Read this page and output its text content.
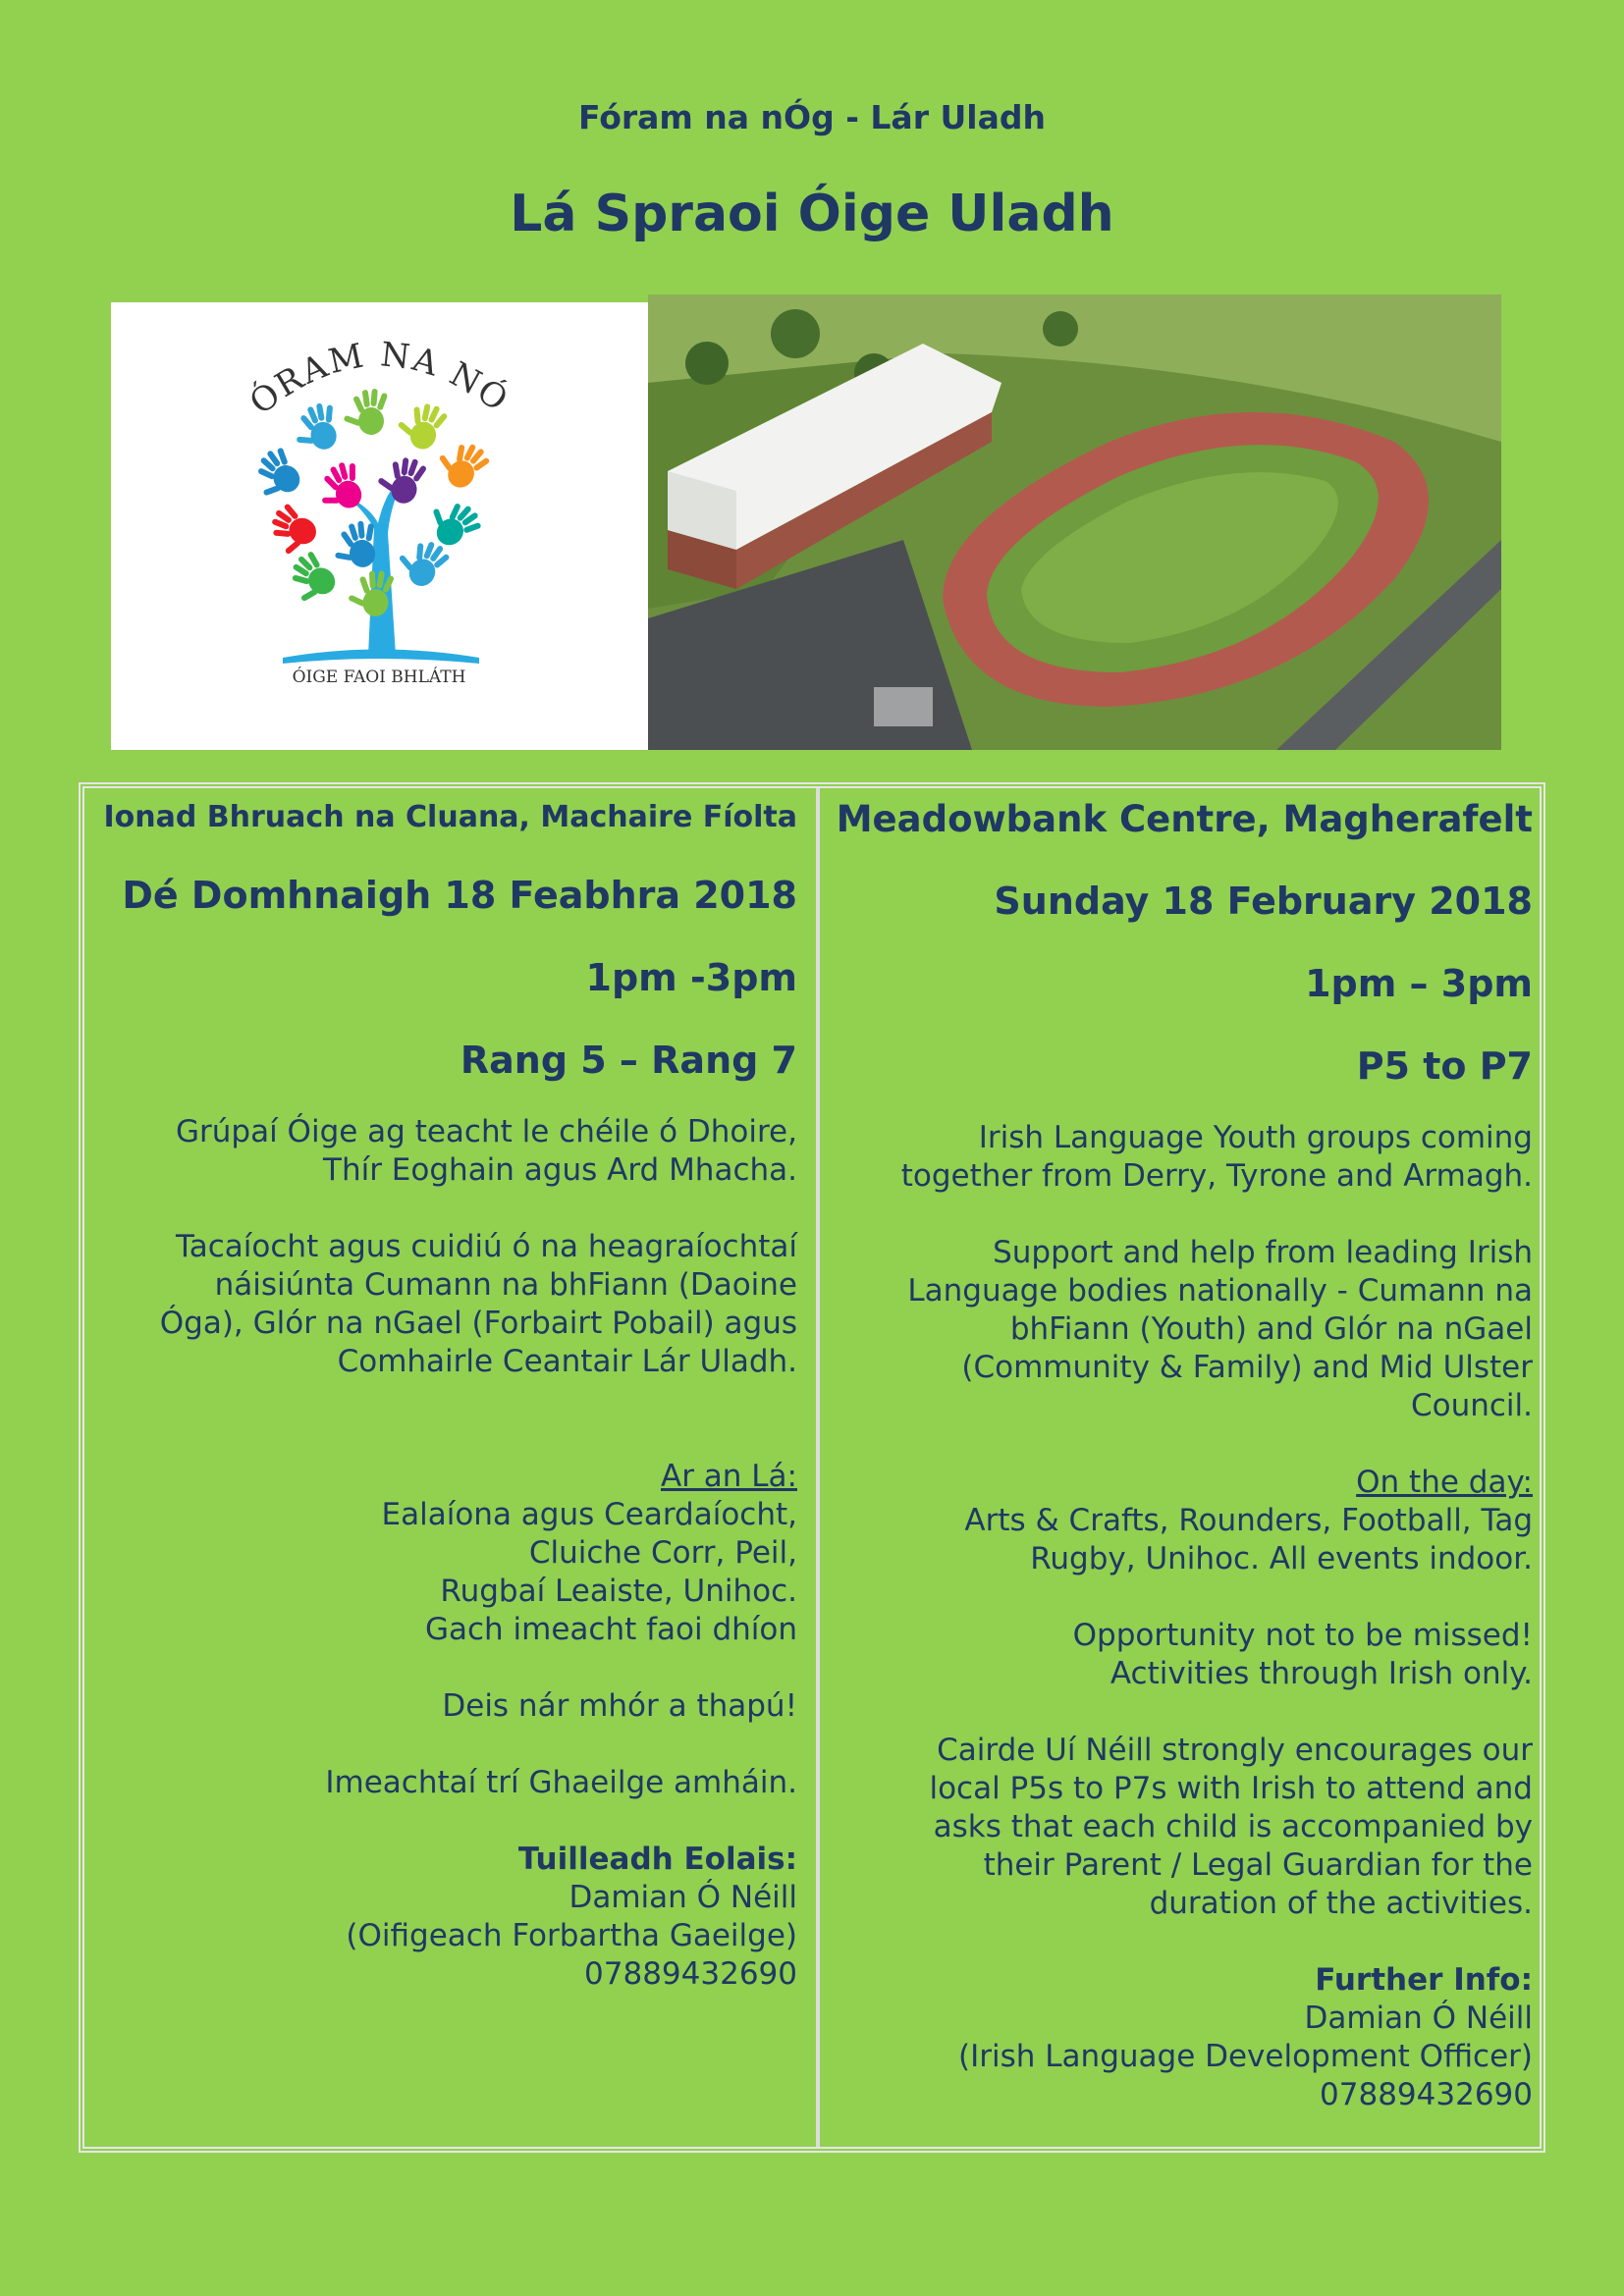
Fóram na nÓg - Lár Uladh
Lá Spraoi Óige Uladh
ÓRAM NA NÓ
ÓIGE FAOI BHLÁTH

Ionad Bhruach na Cluana, Machaire Fíolta

Dé Domhnaigh 18 Feabhra 2018

1pm -3pm

Rang 5 – Rang 7

Grúpaí Óige ag teacht le chéile ó Dhoire,

Thír Eoghain agus Ard Mhacha.

Tacaíocht agus cuidiú ó na heagraíochtaí

náisiúnta Cumann na bhFiann (Daoine

Óga), Glór na nGael (Forbairt Pobail) agus

Comhairle Ceantair Lár Uladh.

Ar an Lá:

Ealaíona agus Ceardaíocht,

Cluiche Corr, Peil,

Rugbaí Leaiste, Unihoc.

Gach imeacht faoi dhíon

Deis nár mhór a thapú!

Imeachtaí trí Ghaeilge amháin.

Tuilleadh Eolais:

Damian Ó Néill

(Oifigeach Forbartha Gaeilge)

07889432690

Meadowbank Centre, Magherafelt

Sunday 18 February 2018

1pm – 3pm

P5 to P7

Irish Language Youth groups coming

together from Derry, Tyrone and Armagh.

Support and help from leading Irish

Language bodies nationally - Cumann na

bhFiann (Youth) and Glór na nGael

(Community & Family) and Mid Ulster

Council.

On the day:

Arts & Crafts, Rounders, Football, Tag

Rugby, Unihoc. All events indoor.

Opportunity not to be missed!

Activities through Irish only.

Cairde Uí Néill strongly encourages our

local P5s to P7s with Irish to attend and

asks that each child is accompanied by

their Parent / Legal Guardian for the

duration of the activities.

Further Info:

Damian Ó Néill

(Irish Language Development Officer)

07889432690
